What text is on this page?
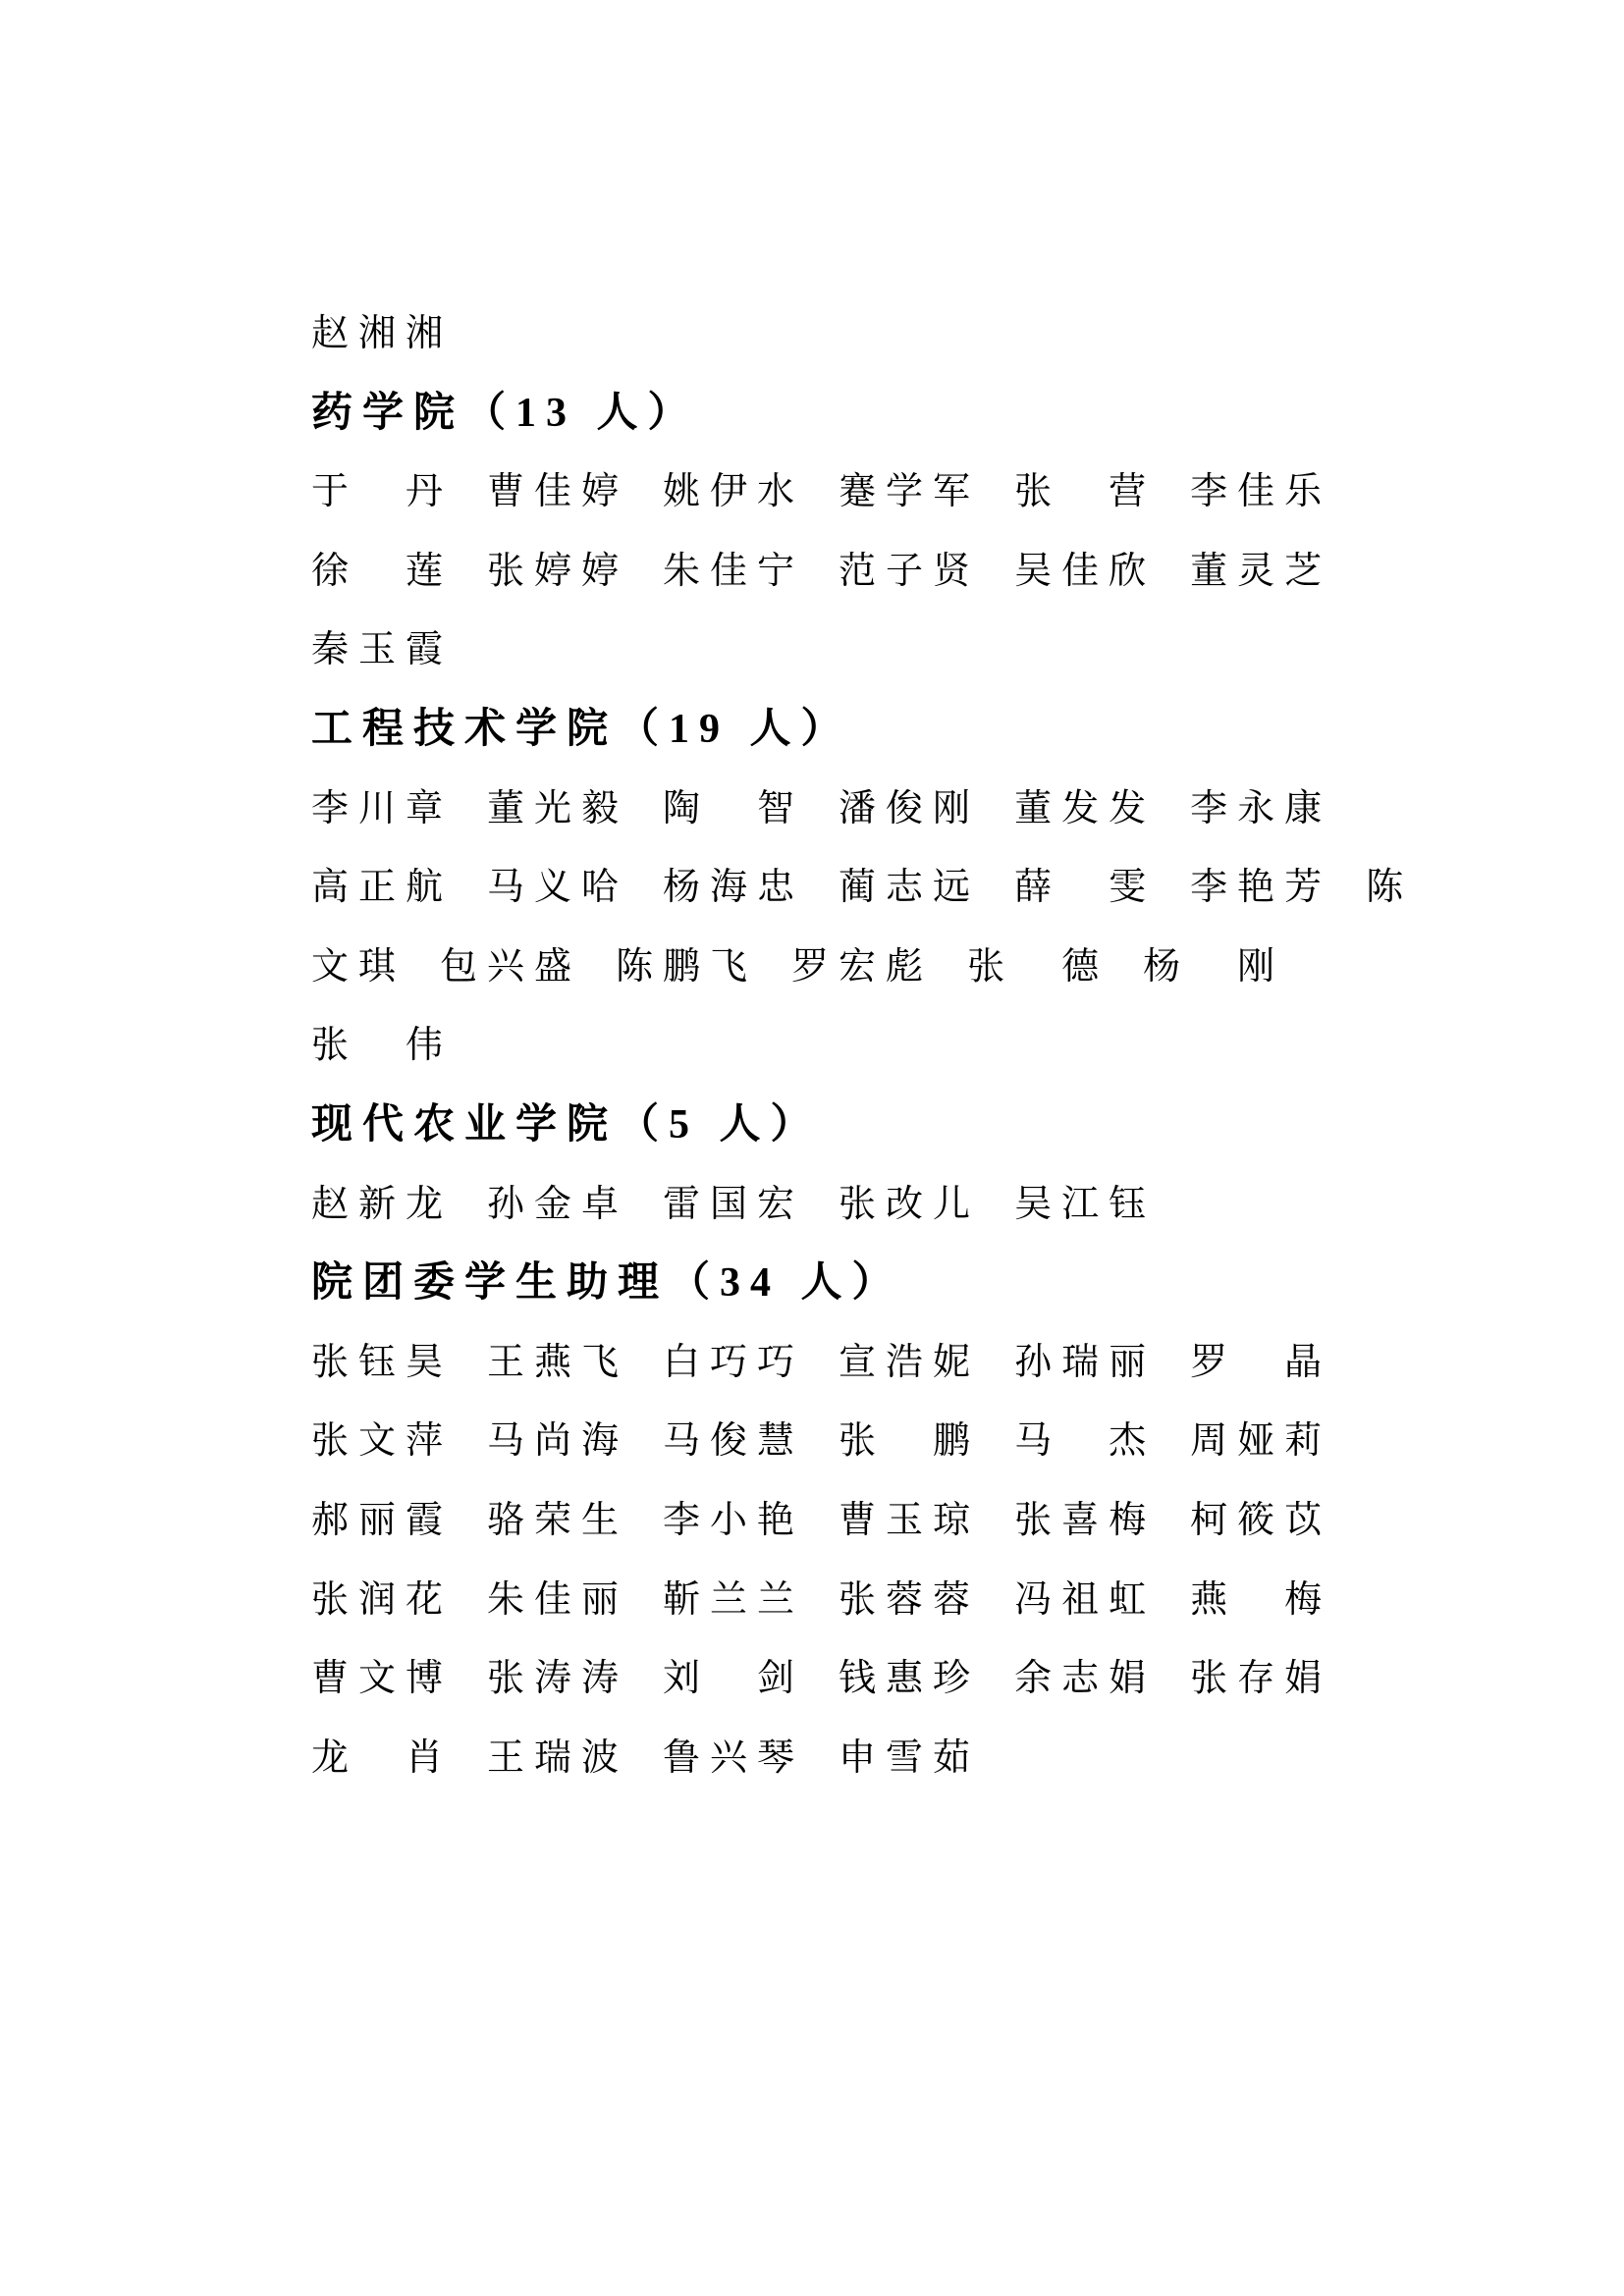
赵湘湘
药学院（13 人）
于　丹 曹佳婷 姚伊水 蹇学军 张　营 李佳乐
徐　莲 张婷婷 朱佳宁 范子贤 吴佳欣 董灵芝
秦玉霞
工程技术学院（19 人）
李川章 董光毅 陶　智 潘俊刚 董发发 李永康
高正航 马义哈 杨海忠 蔺志远 薛　雯 李艳芳 陈
文琪 包兴盛 陈鹏飞 罗宏彪 张　德 杨　刚
张　伟
现代农业学院（5 人）
赵新龙 孙金卓 雷国宏 张改儿 吴江钰
院团委学生助理（34 人）
张钰昊 王燕飞 白巧巧 宣浩妮 孙瑞丽 罗　晶
张文萍 马尚海 马俊慧 张　鹏 马　杰 周娅莉
郝丽霞 骆荣生 李小艳 曹玉琼 张喜梅 柯筱苡
张润花 朱佳丽 靳兰兰 张蓉蓉 冯祖虹 燕　梅
曹文博 张涛涛 刘　剑 钱惠珍 余志娟 张存娟
龙　肖 王瑞波 鲁兴琴 申雪茹
